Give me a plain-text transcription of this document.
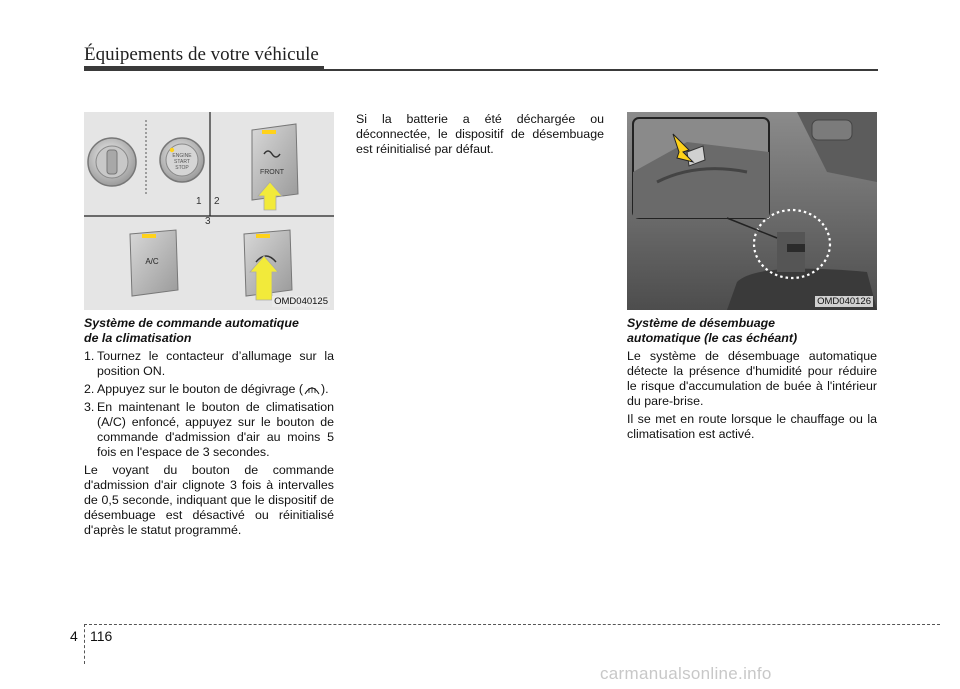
Équipements de votre véhicule
ENGINE
START
STOP
FRONT
1 2
3
A/C
OMD040125	OMD040126
Système de commande automatique
de la climatisation
1. Tournez le contacteur d’allumage sur la position ON.
2. Appuyez sur le bouton de dégivrage ( ).
3. En maintenant le bouton de climatisation (A/C) enfoncé, appuyez sur le bouton de commande d'admission d'air au moins 5 fois en l'espace de 3 secondes.

Le voyant du bouton de commande d'admission d'air clignote 3 fois à intervalles de 0,5 seconde, indiquant que le dispositif de désembuage est désactivé ou réinitialisé d'après le statut programmé.

Si la batterie a été déchargée ou déconnectée, le dispositif de désembuage est réinitialisé par défaut.

Système de désembuage
automatique (le cas échéant)

Le système de désembuage automatique détecte la présence d'humidité pour réduire le risque d'accumulation de buée à l'intérieur du pare-brise.

Il se met en route lorsque le chauffage ou la climatisation est activé.

4 116
carmanualsonline.info
